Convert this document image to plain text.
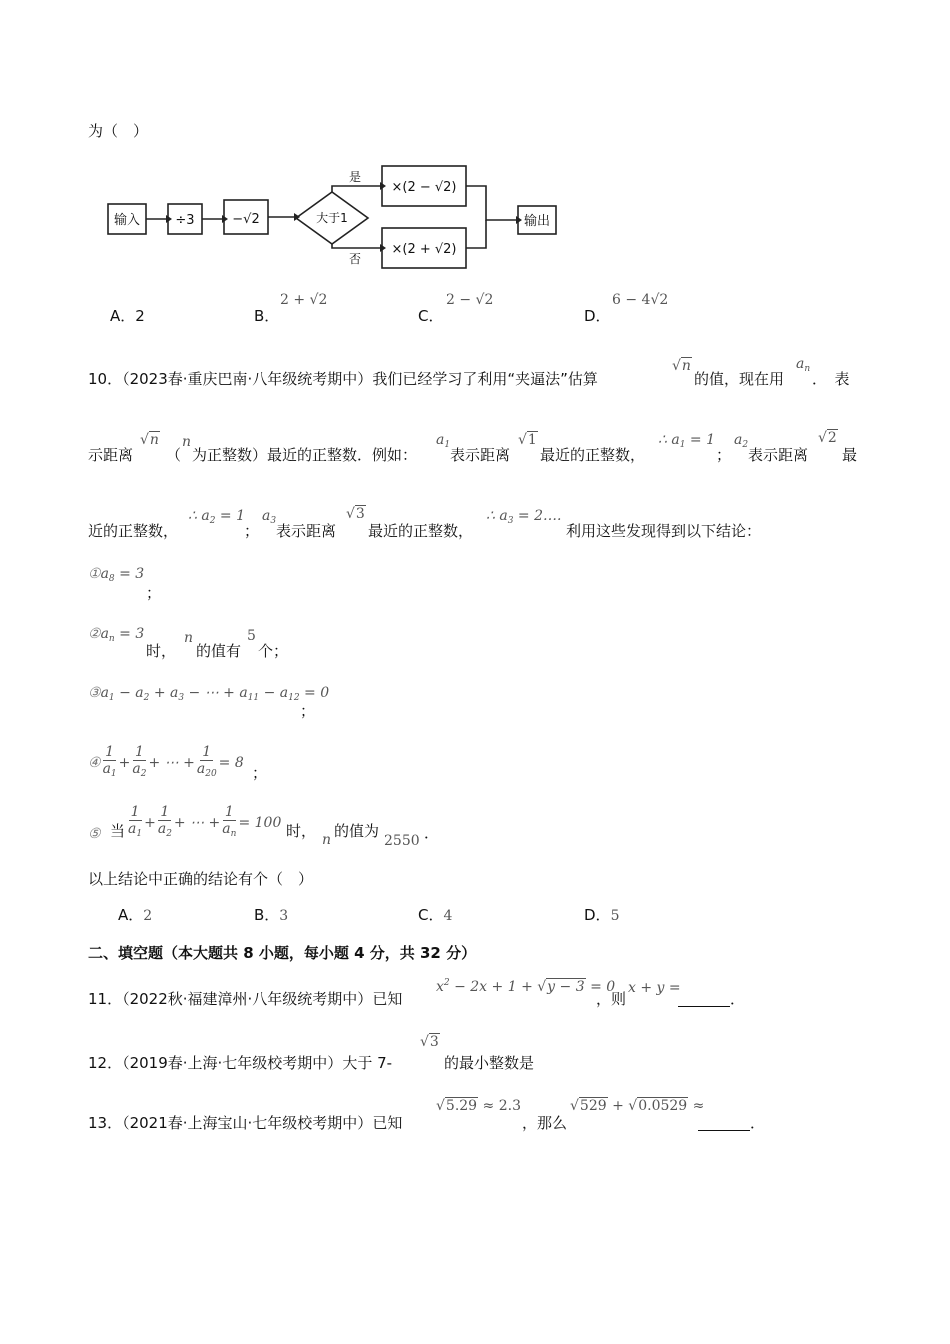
为（　）
输入	÷3	−√2	大于1
是
否
×(2 − √2)
×(2 + √2)
输出
A．2	B．
2 + √2
C．
2 − √2
D．
6 − 4√2
10．（2023春·重庆巴南·八年级统考期中）我们已经学习了利用“夹逼法”估算
√n
的值，现在用
$a_n$
．　表
示距离
√n
（
n
为正整数）最近的正整数．例如：
$a_1$
表示距离
√1
最近的正整数，
∴ $a_1 = 1$
；
$a_2$
表示距离
√2
最
近的正整数，
∴ $a_2 = 1$
；
$a_3$
表示距离
√3
最近的正整数，
∴ $a_3$ = 2….
利用这些发现得到以下结论：
$①a_8 = 3$
；
$②a_n = 3$
时，
n
的值有
5
个；
$③a_1 - a_2 + a_3$ − ⋯ + $a_{11} - a_{12} = 0$
；
④ $\frac{1}{a_1} + \frac{1}{a_2}$ + ⋯ + $\frac{1}{a_{20}} = 8$
；
⑤ 当 $\frac{1}{a_1} + \frac{1}{a_2}$ + ⋯ + $\frac{1}{a_n} = 100$ 时， n 的值为
2550 ．
以上结论中正确的结论有个（　）
A．2	B．3	C．4	D．5
二、填空题（本大题共 8 小题，每小题 4 分，共 32 分）
11．（2022秋·福建漳州·八年级统考期中）已知
$x^2 - 2x + 1 + √y - 3 = 0$
，则
x + y =
．
12．（2019春·上海·七年级校考期中）大于 7-
√3
的最小整数是
13．（2021春·上海宝山·七年级校考期中）已知
√5.29 ≈ 2.3
，那么
√529 + √0.0529 ≈
．
